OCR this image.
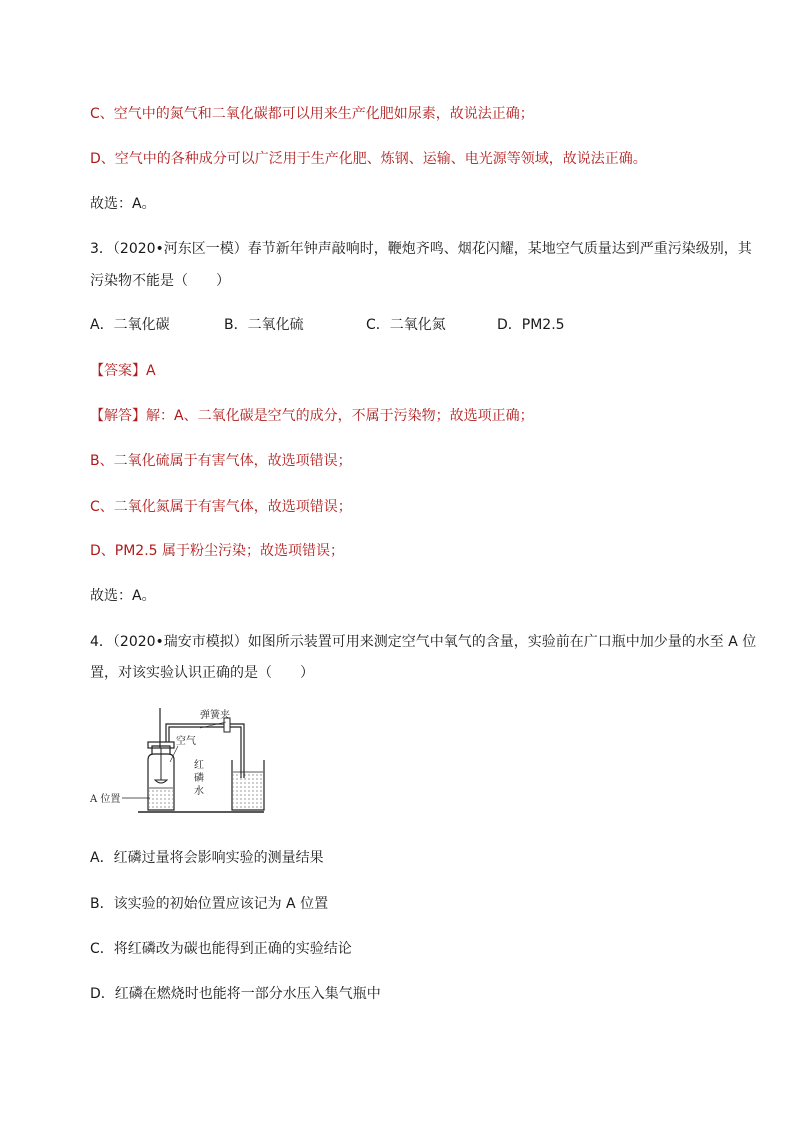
C、空气中的氮气和二氧化碳都可以用来生产化肥如尿素，故说法正确；
D、空气中的各种成分可以广泛用于生产化肥、炼钢、运输、电光源等领域，故说法正确。
故选：A。
3．（2020•河东区一模）春节新年钟声敲响时，鞭炮齐鸣、烟花闪耀，某地空气质量达到严重污染级别，其
污染物不能是（　　）
A．二氧化碳	B．二氧化硫	C．二氧化氮	D．PM2.5
【答案】A
【解答】解：A、二氧化碳是空气的成分，不属于污染物；故选项正确；
B、二氧化硫属于有害气体，故选项错误；
C、二氧化氮属于有害气体，故选项错误；
D、PM2.5 属于粉尘污染；故选项错误；
故选：A。
4．（2020•瑞安市模拟）如图所示装置可用来测定空气中氧气的含量，实验前在广口瓶中加少量的水至 A 位
置，对该实验认识正确的是（　　）
弹簧夹
空气
红
磷
水
A 位置
A．红磷过量将会影响实验的测量结果
B．该实验的初始位置应该记为 A 位置
C．将红磷改为碳也能得到正确的实验结论
D．红磷在燃烧时也能将一部分水压入集气瓶中
